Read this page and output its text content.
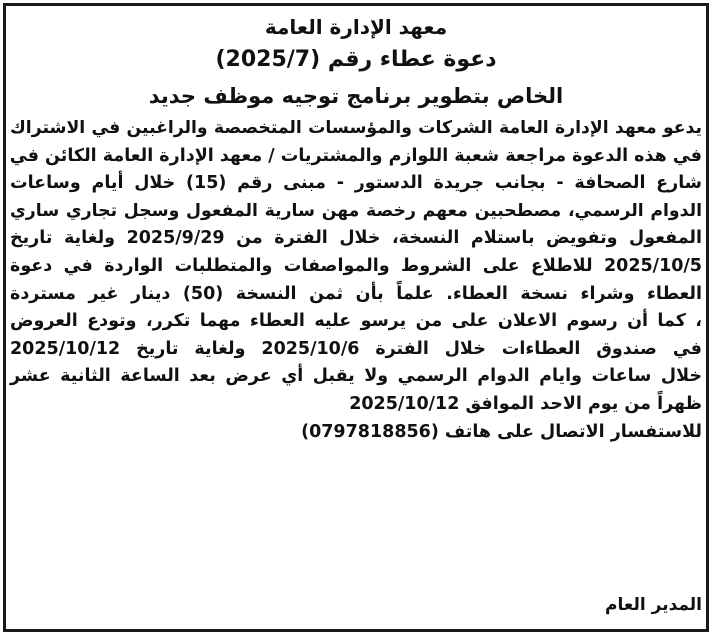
معهد الإدارة العامة
دعوة عطاء رقم (2025/7)
الخاص بتطوير برنامج توجيه موظف جديد
يدعو معهد الإدارة العامة الشركات والمؤسسات المتخصصة والراغبين في الاشتراك
في هذه الدعوة مراجعة شعبة اللوازم والمشتريات / معهد الإدارة العامة الكائن في
شارع الصحافة - بجانب جريدة الدستور - مبنى رقم (15) خلال أيام وساعات
الدوام الرسمي، مصطحبين معهم رخصة مهن سارية المفعول وسجل تجاري ساري
المفعول وتفويض باستلام النسخة، خلال الفترة من 2025/9/29 ولغاية تاريخ
2025/10/5 للاطلاع على الشروط والمواصفات والمتطلبات الواردة في دعوة
العطاء وشراء نسخة العطاء. علماً بأن ثمن النسخة (50) دينار غير مستردة
، كما أن رسوم الاعلان على من يرسو عليه العطاء مهما تكرر، وتودع العروض
في صندوق العطاءات خلال الفترة 2025/10/6 ولغاية تاريخ 2025/10/12
خلال ساعات وايام الدوام الرسمي ولا يقبل أي عرض بعد الساعة الثانية عشر
ظهراً من يوم الاحد الموافق 2025/10/12
للاستفسار الاتصال على هاتف (0797818856)
المدير العام
